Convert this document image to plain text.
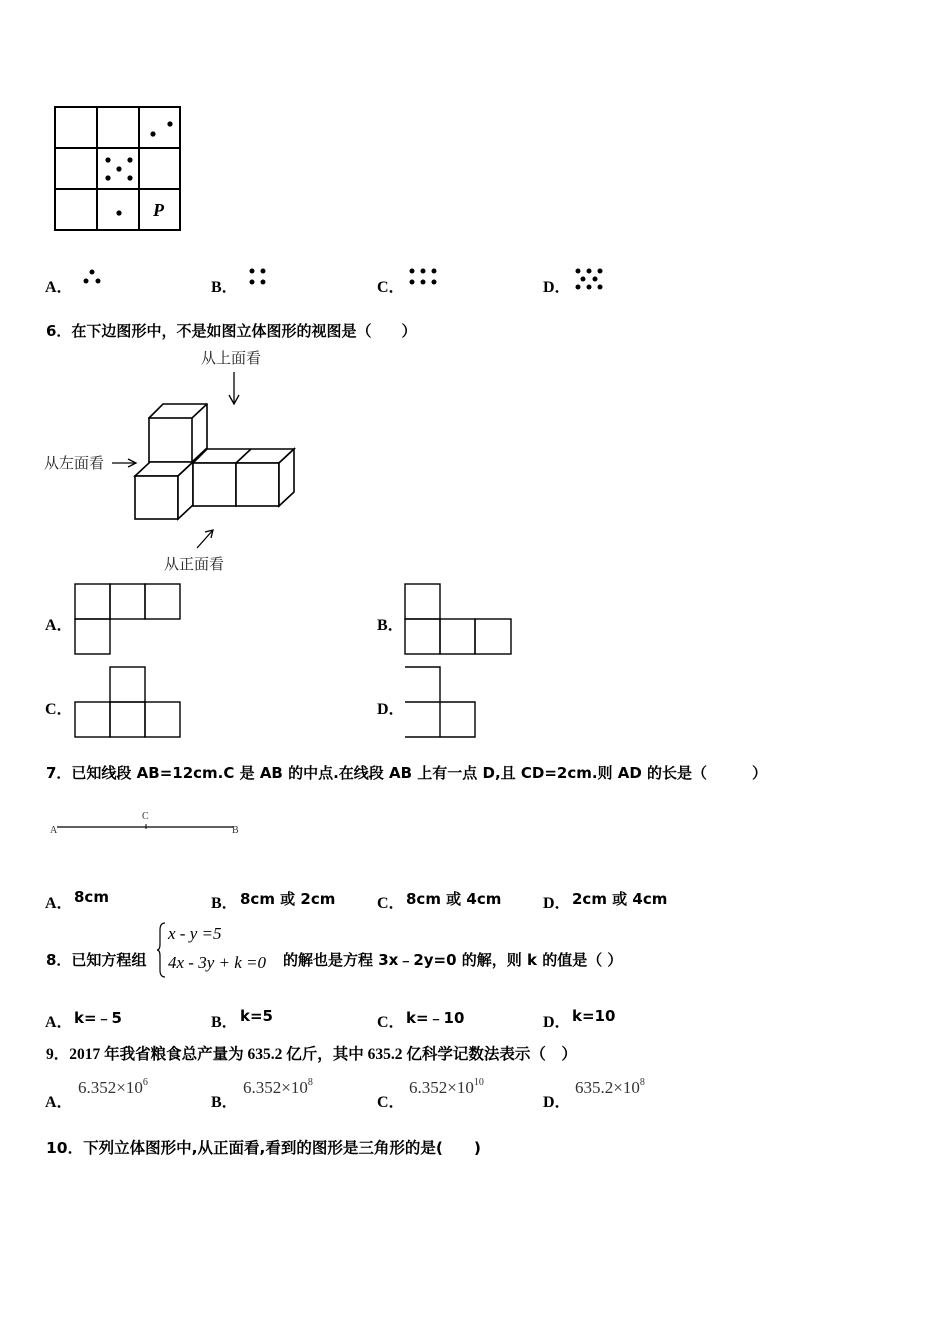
P
A．	B．	C．	D．
6．在下边图形中，不是如图立体图形的视图是（　　）
从上面看
从左面看
从正面看
A．	B．
C．	D．
7．已知线段 AB=12cm.C 是 AB 的中点.在线段 AB 上有一点 D,且 CD=2cm.则 AD 的长是（　　　）
A
C
B
A． 8cm	B． 8cm 或 2cm	C． 8cm 或 4cm	D． 2cm 或 4cm
8．已知方程组
x - y =5
4x - 3y + k =0 的解也是方程 3x﹣2y=0 的解，则 k 的值是（ ）
A． k=﹣5	B． k=5	C． k=﹣10	D． k=10
9．2017 年我省粮食总产量为 635.2 亿斤，其中 635.2 亿科学记数法表示（　）
A．
$6.352\times 10^6$
B．
$6.352\times 10^8$
C．
$6.352\times 10^{10}$
D．
$635.2\times 10^8$
10．下列立体图形中,从正面看,看到的图形是三角形的是(　　)
